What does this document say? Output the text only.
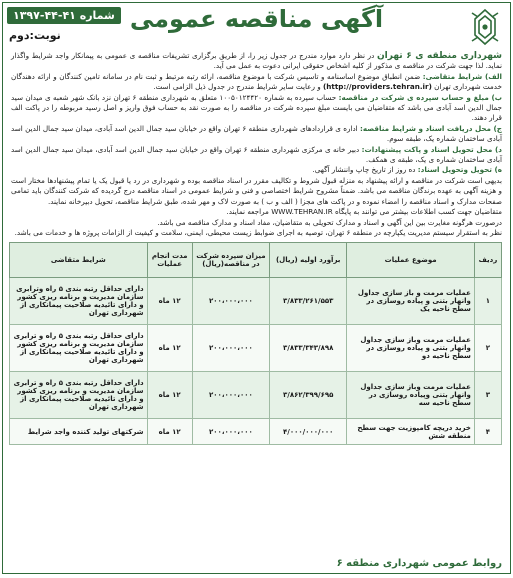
آگهی مناقصه عمومی
شماره ۴۱-۴۴-۱۳۹۷
نوبت:دوم

شهرداری منطقه ی ۶ تهران در نظر دارد موارد مندرج در جدول زیر را، از طریق برگزاری تشریفات مناقصه ی عمومی به پیمانکار واجد شرایط واگذار نماید. لذا جهت شرکت در مناقصه ی مذکور از کلیه اشخاص حقوقی ایرانی دعوت به عمل می آید.

الف) شرایط متقاضی: ضمن انطباق موضوع اساسنامه و تاسیس شرکت با موضوع مناقصه، ارائه رتبه مرتبط و ثبت نام در سامانه تامین کنندگان و ارائه دهندگان خدمت شهرداری تهران (http://providers.tehran.ir) و رعایت سایر شرایط مندرج در جدول ذیل الزامی است.

ب) مبلغ و حساب سپرده ی شرکت در مناقصه: حساب سپرده به شماره ۱۰۰۵۰۱۲۴۴۲۰ متعلق به شهرداری منطقه ۶ تهران نزد بانک شهر شعبه ی میدان سید جمال الدین اسد آبادی می باشد که متقاضیان می بایست مبلغ سپرده شرکت در مناقصه را به صورت نقد به حساب فوق واریز و اصل رسید مربوطه را در پاکت الف قرار دهند.

ج) محل دریافت اسناد و شرایط مناقصه: اداره ی قراردادهای شهرداری منطقه ۶ تهران واقع در خیابان سید جمال الدین اسد آبادی، میدان سید جمال الدین اسد آبادی ساختمان شماره یک، طبقه سوم.

د) محل تحویل اسناد و پاکت پیشنهادات: دبیر خانه ی مرکزی شهرداری منطقه ۶ تهران واقع در خیابان سید جمال الدین اسد آبادی، میدان سید جمال الدین اسد آبادی ساختمان شماره ی یک، طبقه ی همکف.

ه) تحویل وتحویل اسناد: ده روز از تاریخ چاپ واننشار آگهی.

بدیهی است شرکت در مناقصه و ارائه پیشنهاد به منزله قبول شروط و تکالیف مقرر در اسناد مناقصه بوده و شهرداری در رد یا قبول یک یا تمام پیشنهادها مختار است و هزینه آگهی به عهده برندگان مناقصه می باشد. ضمناً مشروح شرایط اختصاصی و فنی و شرایط عمومی در اسناد مناقصه درج گردیده که شرکت کنندگان باید تمامی صفحات مدارک و اسناد مناقصه را امضاء نموده و در پاکت های مجزا ( الف و ب ) به صورت لاک و مهر شده، طبق شرایط مناقصه، تحویل دبیرخانه نمایند.

متقاضیان جهت کسب اطلاعات بیشتر می توانند به پایگاه WWW.TEHRAN.IR مراجعه نمایند.

درصورت هرگونه مغایرت بین این آگهی و اسناد و مدارک تحویلی به متقاضیان، مفاد اسناد و مدارک مناقصه می باشد.

نظر به استقرار سیستم مدیریت یکپارچه در منطقه ۶ تهران، توصیه به اجرای ضوابط زیست محیطی، ایمنی، سلامت و کیفیت از الزامات پروژه ها و خدمات می باشد.

ردیف	موضوع عملیات	برآورد اولیه (ریال)	میزان سپرده شرکت در مناقصه(ریال)	مدت انجام عملیات	شرایط متقاضی
۱	عملیات مرمت و باز سازی جداول وانهار بتنی و پیاده روسازی در سطح ناحیه یک	۳/۸۳۳/۲۶۱/۵۵۳	۲۰۰،۰۰۰،۰۰۰	۱۲ ماه	دارای حداقل رتبه بندی ۵ راه وترابری سازمان مدیریت و برنامه ریزی کشور و دارای تائیدیه صلاحیت پیمانکاری از شهرداری تهران
۲	عملیات مرمت وباز سازی جداول وانهار بتنی و پیاده روسازی در سطح ناحیه دو	۳/۸۳۳/۳۴۳/۸۹۸	۲۰۰،۰۰۰،۰۰۰	۱۲ ماه	دارای حداقل رتبه بندی ۵ راه و ترابری سازمان مدیریت و برنامه ریزی کشور و دارای تائیدیه صلاحیت پیمانکاری از شهرداری تهران
۳	عملیات مرمت وباز سازی جداول وانهار بتنی وپیاده روسازی در سطح ناحیه سه	۳/۸۶۲/۳۹۹/۶۹۵	۲۰۰،۰۰۰،۰۰۰	۱۲ ماه	دارای حداقل رتبه بندی ۵ راه و ترابری سازمان مدیریت و برنامه ریزی کشور و دارای تائیدیه صلاحیت پیمانکاری از شهرداری تهران
۴	خرید دریچه کامپوزیت جهت سطح منطقه شش	۴/۰۰۰/۰۰۰/۰۰۰	۲۰۰،۰۰۰،۰۰۰	۱۲ ماه	شرکتهای تولید کننده واجد شرایط
روابط عمومی شهرداری منطقه ۶
